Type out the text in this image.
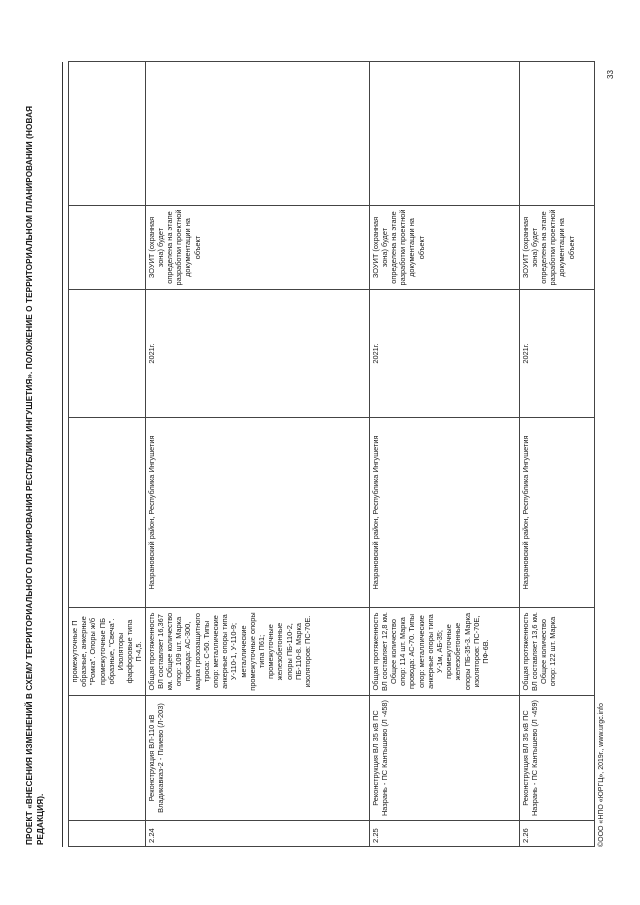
ПРОЕКТ «ВНЕСЕНИЯ ИЗМЕНЕНИЙ В СХЕМУ ТЕРРИТОРИАЛЬНОГО ПЛАНИРОВАНИЯ РЕСПУБЛИКИ ИНГУШЕТИЯ». ПОЛОЖЕНИЕ О ТЕРРИТОРИАЛЬНОМ ПЛАНИРОВАНИИ (НОВАЯ РЕДАКЦИЯ).
		промежуточные П образные, анкерные "Ромка". Опоры ж/б промежуточные ПБ образные, "Свеча". Изоляторы фарфоровые типа П-4,5.				
2.24	Реконструкция ВЛ-110 кВ Владикавказ-2 - Плиево (Л-203)	Общая протяженность ВЛ составляет 16,367 км. Общее количество опор: 109 шт. Марка провода: АС-300, марка грозозащитного троса: С-50. Типы опор: металлические анкерные опоры типа У-110-1, У-110-9; металлические промежуточные опоры типа П61; промежуточные железобетонные опоры ПБ-110-2, ПБ-110-8. Марка изоляторов: ПС-70Е.	Назрановский район, Республика Ингушетия	2021г.	ЗОУИТ (охранная зона) будет определена на этапе разработки проектной документации на объект	
2.25	Реконструкция ВЛ 35 кВ ПС Назрань - ПС Кантышево (Л -458)	Общая протяженность ВЛ составляет 12,8 км. Общее количество опор: 114 шт. Марка провода: АС-70. Типы опор: металлические анкерные опоры типа У-1м, АБ-35; промежуточные железобетонные опоры ПБ-35-3. Марка изоляторов: ПС-70Е, ПФ-6В.	Назрановский район, Республика Ингушетия	2021г.	ЗОУИТ (охранная зона) будет определена на этапе разработки проектной документации на объект	
2.26	Реконструкция ВЛ 35 кВ ПС Назрань - ПС Кантышево (Л -459)	Общая протяженность ВЛ составляет 13,6 км. Общее количество опор: 122 шт. Марка	Назрановский район, Республика Ингушетия	2021г.	ЗОУИТ (охранная зона) будет определена на этапе разработки проектной документации на объект	
©ООО «НПО «ЮРГЦ», 2019г., www.urgc.info
33
